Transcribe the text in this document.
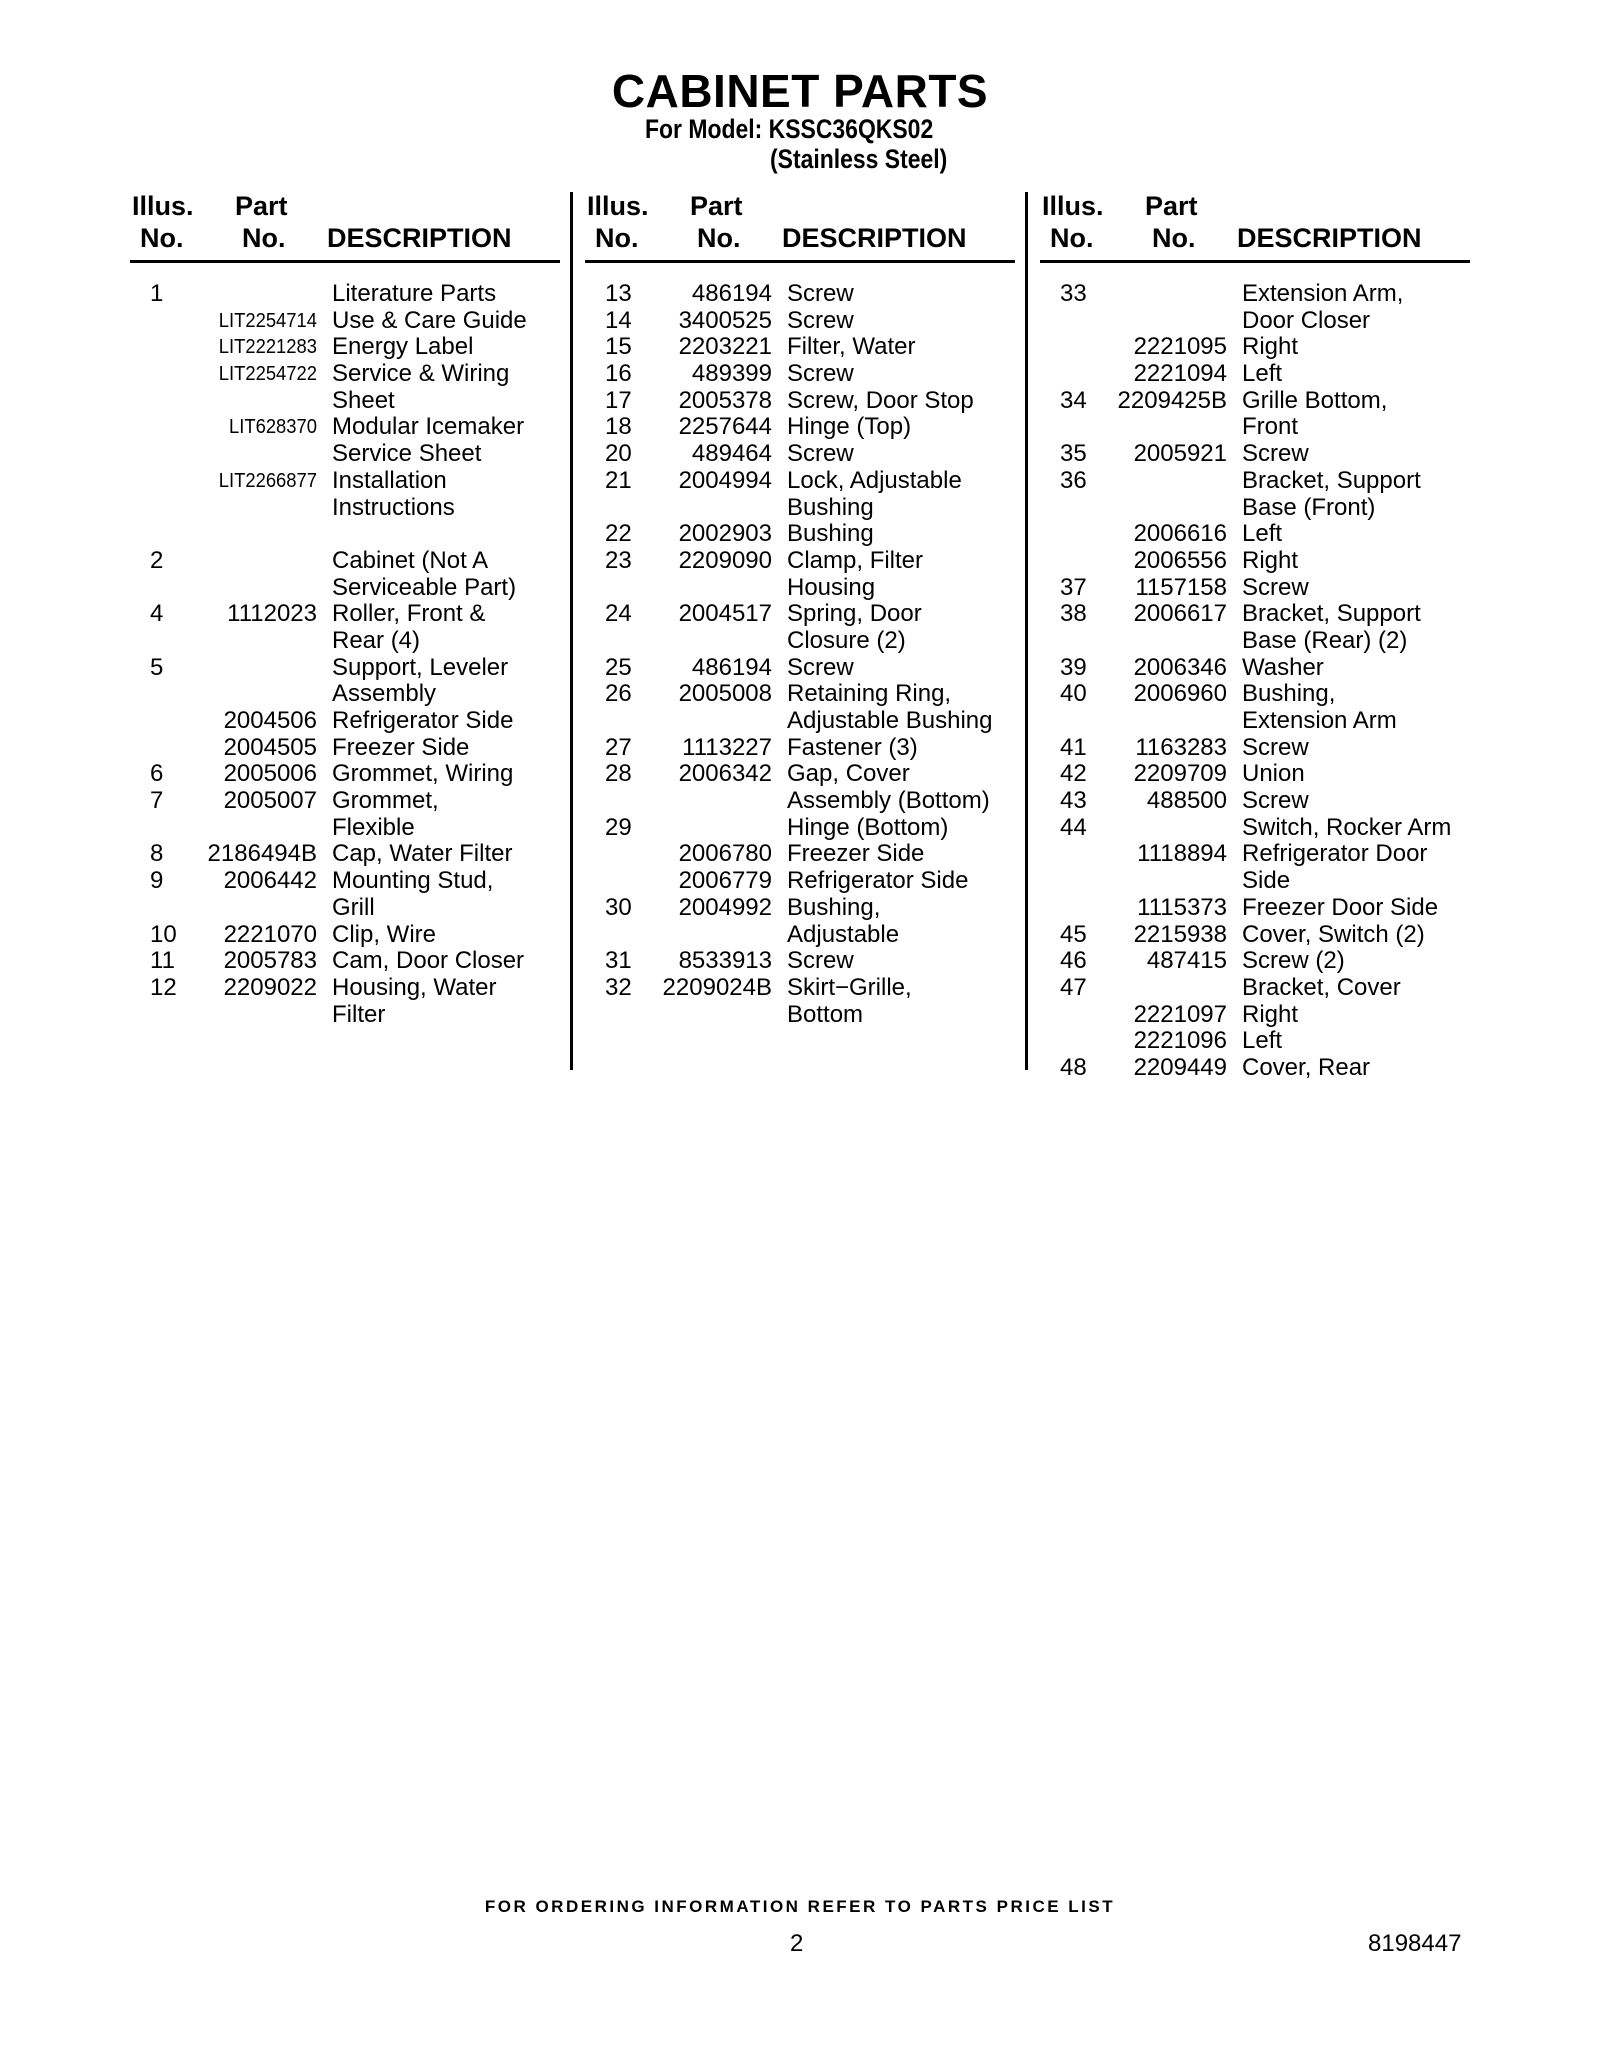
CABINET PARTS
For Model: KSSC36QKS02
(Stainless Steel)
Illus.
No.
Part
No. DESCRIPTION
1	Literature Parts
LIT2254714 Use & Care Guide
LIT2221283 Energy Label
LIT2254722 Service & Wiring
Sheet
LIT628370 Modular Icemaker
Service Sheet
LIT2266877 Installation
Instructions
2	Cabinet (Not A
Serviceable Part)
4	1112023 Roller, Front &
Rear (4)
5	Support, Leveler
Assembly
2004506 Refrigerator Side
2004505 Freezer Side
6	2005006 Grommet, Wiring
7	2005007 Grommet,
Flexible
8	2186494B Cap, Water Filter
9	2006442 Mounting Stud,
Grill
10	2221070 Clip, Wire
11	2005783 Cam, Door Closer
12	2209022 Housing, Water
Filter
Illus.
No.
Part
No. DESCRIPTION
13	486194 Screw
14	3400525 Screw
15	2203221 Filter, Water
16	489399 Screw
17	2005378 Screw, Door Stop
18	2257644 Hinge (Top)
20	489464 Screw
21	2004994 Lock, Adjustable
Bushing
22	2002903 Bushing
23	2209090 Clamp, Filter
Housing
24	2004517 Spring, Door
Closure (2)
25	486194 Screw
26	2005008 Retaining Ring,
Adjustable Bushing
27	1113227 Fastener (3)
28	2006342 Gap, Cover
Assembly (Bottom)
29	Hinge (Bottom)
2006780 Freezer Side
2006779 Refrigerator Side
30	2004992 Bushing,
Adjustable
31	8533913 Screw
32	2209024B Skirt−Grille,
Bottom
Illus.
No.
Part
No. DESCRIPTION
33	Extension Arm,
Door Closer
2221095 Right
2221094 Left
34	2209425B Grille Bottom,
Front
35	2005921 Screw
36	Bracket, Support
Base (Front)
2006616 Left
2006556 Right
37	1157158 Screw
38	2006617 Bracket, Support
Base (Rear) (2)
39	2006346 Washer
40	2006960 Bushing,
Extension Arm
41	1163283 Screw
42	2209709 Union
43	488500 Screw
44	Switch, Rocker Arm
1118894 Refrigerator Door
Side
1115373 Freezer Door Side
45	2215938 Cover, Switch (2)
46	487415 Screw (2)
47	Bracket, Cover
2221097 Right
2221096 Left
48	2209449 Cover, Rear
FOR ORDERING INFORMATION REFER TO PARTS PRICE LIST
2	8198447
